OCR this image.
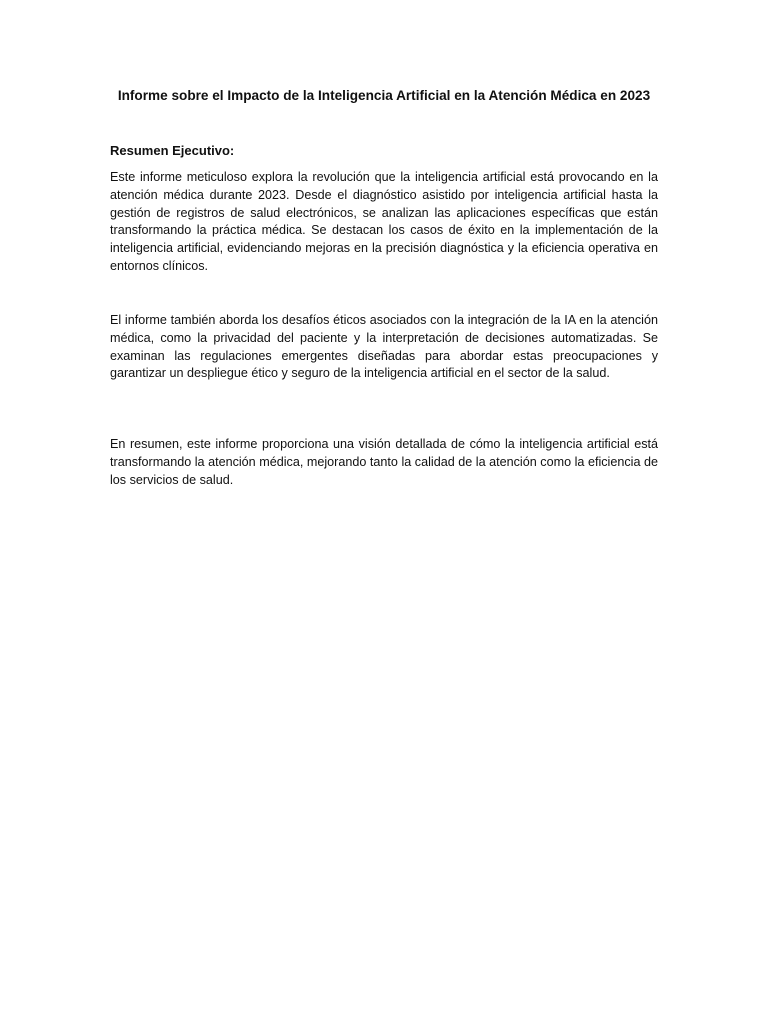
Informe sobre el Impacto de la Inteligencia Artificial en la Atención Médica en 2023
Resumen Ejecutivo:

Este informe meticuloso explora la revolución que la inteligencia artificial está provocando en la atención médica durante 2023. Desde el diagnóstico asistido por inteligencia artificial hasta la gestión de registros de salud electrónicos, se analizan las aplicaciones específicas que están transformando la práctica médica. Se destacan los casos de éxito en la implementación de la inteligencia artificial, evidenciando mejoras en la precisión diagnóstica y la eficiencia operativa en entornos clínicos.

El informe también aborda los desafíos éticos asociados con la integración de la IA en la atención médica, como la privacidad del paciente y la interpretación de decisiones automatizadas. Se examinan las regulaciones emergentes diseñadas para abordar estas preocupaciones y garantizar un despliegue ético y seguro de la inteligencia artificial en el sector de la salud.

En resumen, este informe proporciona una visión detallada de cómo la inteligencia artificial está transformando la atención médica, mejorando tanto la calidad de la atención como la eficiencia de los servicios de salud.
